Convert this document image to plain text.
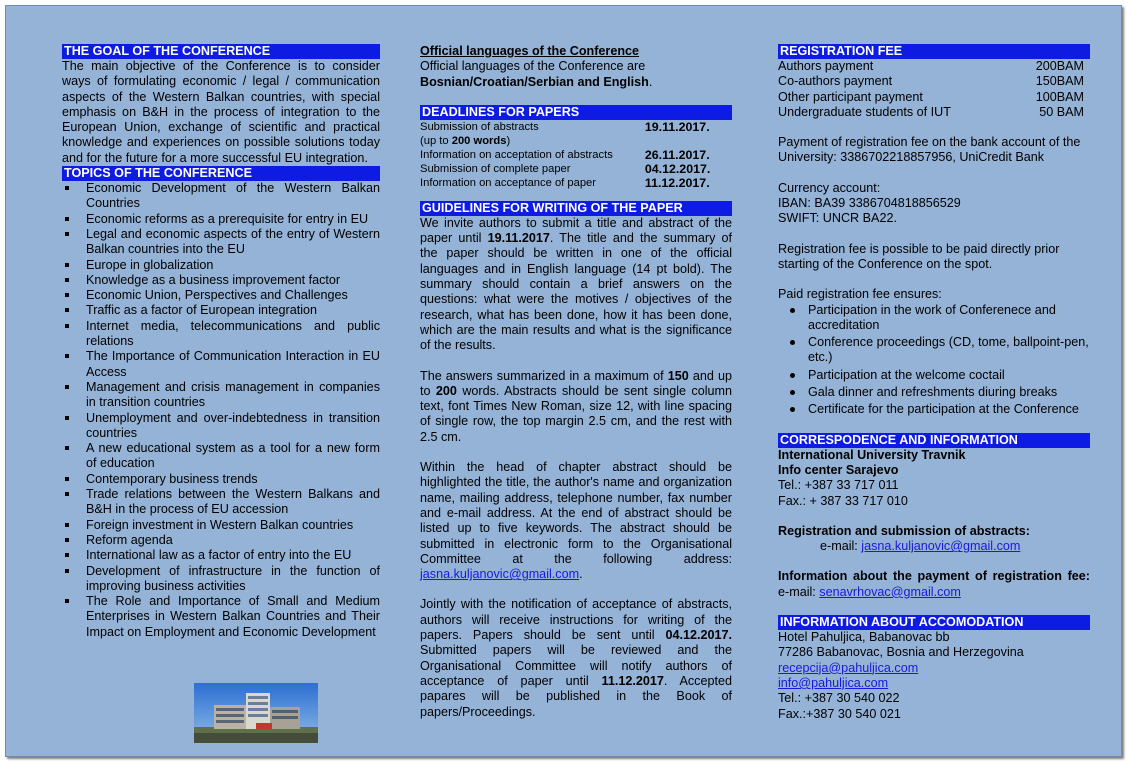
THE GOAL OF THE CONFERENCE

The main objective of the Conference is to consider ways of formulating economic / legal / communication aspects of the Western Balkan countries, with special emphasis on B&H in the process of integration to the European Union, exchange of scientific and practical knowledge and experiences on possible solutions today and for the future for a more successful EU integration.

TOPICS OF THE CONFERENCE
Economic Development of the Western Balkan Countries
Economic reforms as a prerequisite for entry in EU
Legal and economic aspects of the entry of Western Balkan countries into the EU
Europe in globalization
Knowledge as a business improvement factor
Economic Union, Perspectives and Challenges
Traffic as a factor of European integration
Internet media, telecommunications and public relations
The Importance of Communication Interaction in EU Access
Management and crisis management in companies in transition countries
Unemployment and over-indebtedness in transition countries
A new educational system as a tool for a new form of education
Contemporary business trends
Trade relations between the Western Balkans and B&H in the process of EU accession
Foreign investment in Western Balkan countries
Reform agenda
International law as a factor of entry into the EU
Development of infrastructure in the function of improving business activities
The Role and Importance of Small and Medium Enterprises in Western Balkan Countries and Their Impact on Employment and Economic Development

Official languages of the Conference

Official languages of the Conference are

Bosnian/Croatian/Serbian and English.

DEADLINES FOR PAPERS
Submission of abstracts	19.11.2017.
(up to 200 words)	
Information on acceptation of abstracts	26.11.2017.
Submission of complete paper	04.12.2017.
Information on acceptance of paper	11.12.2017.
GUIDELINES FOR WRITING OF THE PAPER

We invite authors to submit a title and abstract of the paper until 19.11.2017. The title and the summary of the paper should be written in one of the official languages and in English language (14 pt bold). The summary should contain a brief answers on the questions: what were the motives / objectives of the research, what has been done, how it has been done, which are the main results and what is the significance of the results.

The answers summarized in a maximum of 150 and up to 200 words. Abstracts should be sent single column text, font Times New Roman, size 12, with line spacing of single row, the top margin 2.5 cm, and the rest with 2.5 cm.

Within the head of chapter abstract should be highlighted the title, the author's name and organization name, mailing address, telephone number, fax number and e-mail address. At the end of abstract should be listed up to five keywords. The abstract should be submitted in electronic form to the Organisational Committee at the following address: jasna.kuljanovic@gmail.com.

Jointly with the notification of acceptance of abstracts, authors will receive instructions for writing of the papers. Papers should be sent until 04.12.2017. Submitted papers will be reviewed and the Organisational Committee will notify authors of acceptance of paper until 11.12.2017. Accepted papares will be published in the Book of papers/Proceedings.

REGISTRATION FEE
Authors payment	200BAM
Co-authors payment	150BAM
Other participant payment	100BAM
Undergraduate students of IUT	50 BAM

Payment of registration fee on the bank account of the University: 3386702218857956, UniCredit Bank

Currency account:

IBAN: BA39 3386704818856529

SWIFT: UNCR BA22.

Registration fee is possible to be paid directly prior starting of the Conference on the spot.

Paid registration fee ensures:

Participation in the work of Conferenece and accreditation
Conference proceedings (CD, tome, ballpoint-pen, etc.)
Participation at the welcome coctail
Gala dinner and refreshments diuring breaks
Certificate for the participation at the Conference
CORRESPODENCE AND INFORMATION

International University Travnik

Info center Sarajevo

Tel.: +387 33 717 011

Fax.: + 387 33 717 010

Registration and submission of abstracts:

e-mail: jasna.kuljanovic@gmail.com

Information about the payment of registration fee: e-mail: senavrhovac@gmail.com

INFORMATION ABOUT ACCOMODATION

Hotel Pahuljica, Babanovac bb

77286 Babanovac, Bosnia and Herzegovina

recepcija@pahuljica.com

info@pahuljica.com

Tel.: +387 30 540 022

Fax.:+387 30 540 021
